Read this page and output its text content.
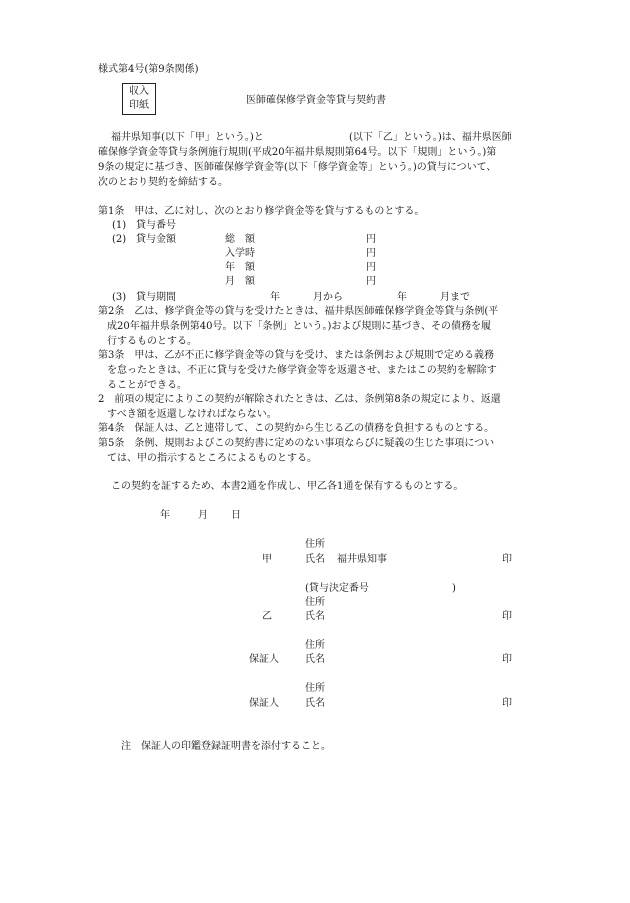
様式第4号(第9条関係)
収入
印紙	医師確保修学資金等貸与契約書
福井県知事(以下「甲」という。)と	(以下「乙」という。)は、福井県医師
確保修学資金等貸与条例施行規則(平成20年福井県規則第64号。以下「規則」という。)第
9条の規定に基づき、医師確保修学資金等(以下「修学資金等」という。)の貸与について、
次のとおり契約を締結する。
第1条　甲は、乙に対し、次のとおり修学資金等を貸与するものとする。
(1) 貸与番号
(2) 貸与金額	総　額	円
入学時	円
年　額	円
月　額	円
(3) 貸与期間	年	月から	年	月まで
第2条　乙は、修学資金等の貸与を受けたときは、福井県医師確保修学資金等貸与条例(平
成20年福井県条例第40号。以下「条例」という。)および規則に基づき、その債務を履
行するものとする。
第3条　甲は、乙が不正に修学資金等の貸与を受け、または条例および規則で定める義務
を怠ったときは、不正に貸与を受けた修学資金等を返還させ、またはこの契約を解除す
ることができる。
2　前項の規定によりこの契約が解除されたときは、乙は、条例第8条の規定により、返還
すべき額を返還しなければならない。
第4条　保証人は、乙と連帯して、この契約から生じる乙の債務を負担するものとする。
第5条　条例、規則およびこの契約書に定めのない事項ならびに疑義の生じた事項につい
ては、甲の指示するところによるものとする。
この契約を証するため、本書2通を作成し、甲乙各1通を保有するものとする。
年	月 日
住所
甲	氏名 福井県知事	印
(貸与決定番号	)
住所
乙	氏名	印
住所
保証人	氏名	印
住所
保証人	氏名	印
注　保証人の印鑑登録証明書を添付すること。
